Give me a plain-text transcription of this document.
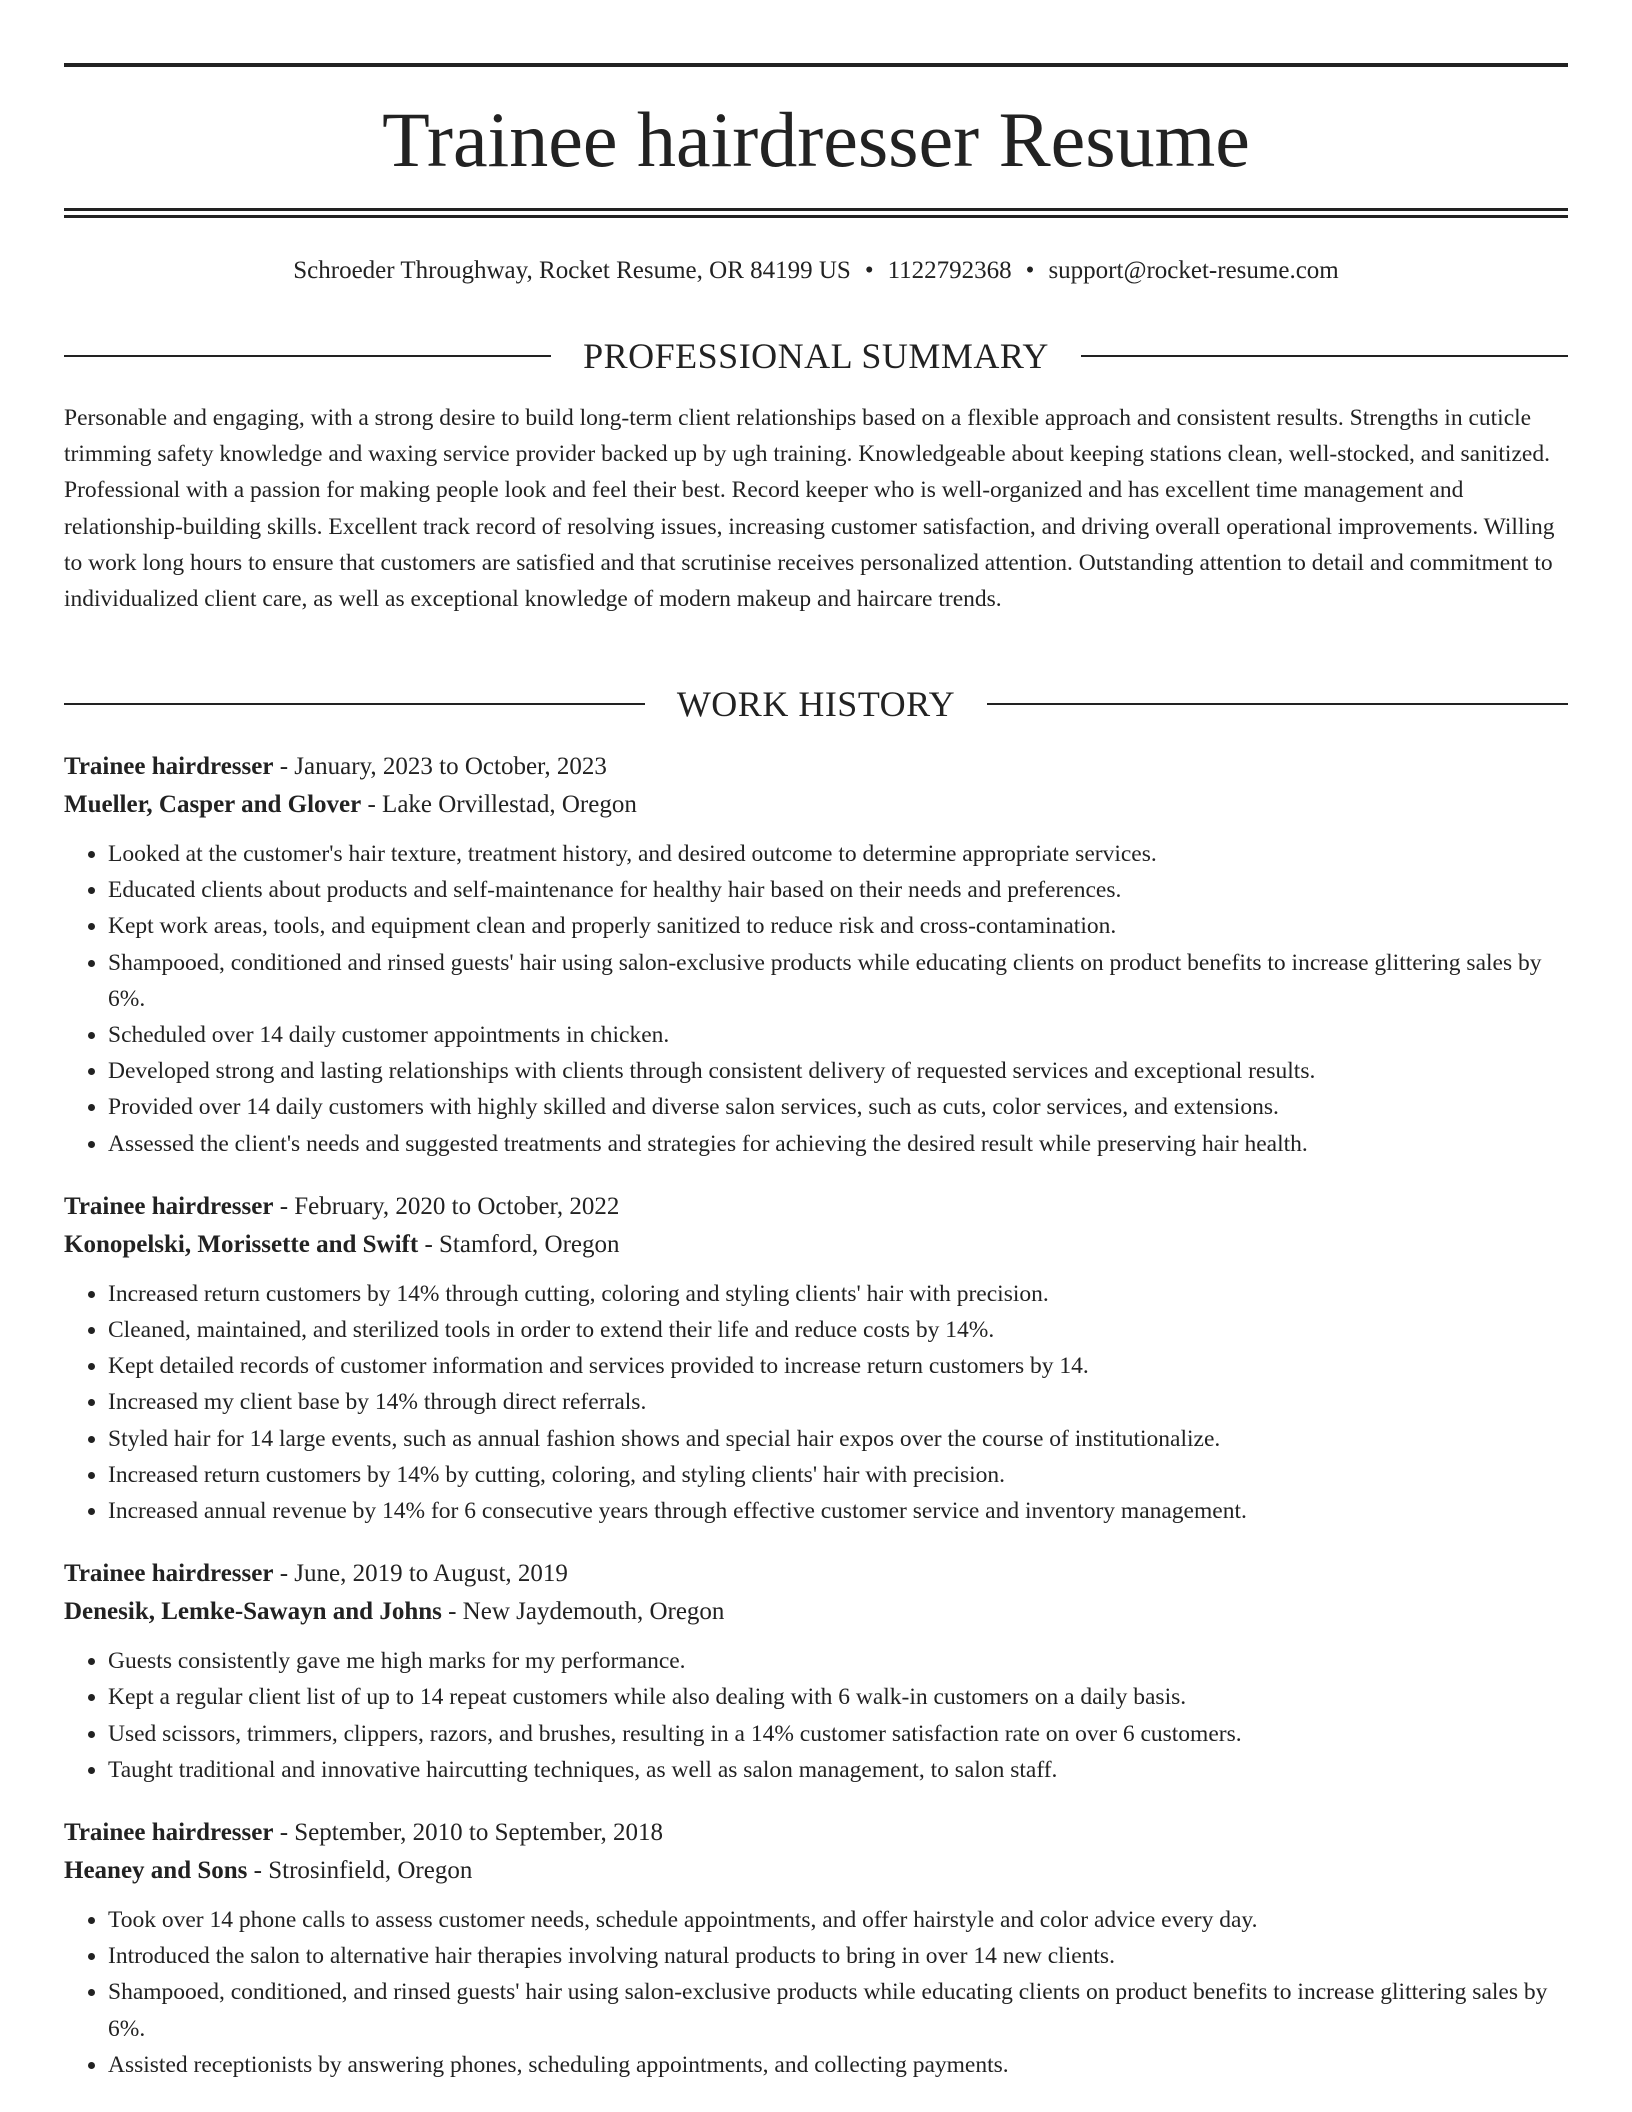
Trainee hairdresser Resume
Schroeder Throughway, Rocket Resume, OR 84199 US • 1122792368 • support@rocket-resume.com
PROFESSIONAL SUMMARY

Personable and engaging, with a strong desire to build long-term client relationships based on a flexible approach and consistent results. Strengths in cuticle trimming safety knowledge and waxing service provider backed up by ugh training. Knowledgeable about keeping stations clean, well-stocked, and sanitized. Professional with a passion for making people look and feel their best. Record keeper who is well-organized and has excellent time management and relationship-building skills. Excellent track record of resolving issues, increasing customer satisfaction, and driving overall operational improvements. Willing to work long hours to ensure that customers are satisfied and that scrutinise receives personalized attention. Outstanding attention to detail and commitment to individualized client care, as well as exceptional knowledge of modern makeup and haircare trends.

WORK HISTORY
Trainee hairdresser - January, 2023 to October, 2023
Mueller, Casper and Glover - Lake Orvillestad, Oregon
• Looked at the customer's hair texture, treatment history, and desired outcome to determine appropriate services.
• Educated clients about products and self-maintenance for healthy hair based on their needs and preferences.
• Kept work areas, tools, and equipment clean and properly sanitized to reduce risk and cross-contamination.
• Shampooed, conditioned and rinsed guests' hair using salon-exclusive products while educating clients on product benefits to increase glittering sales by 6%.
• Scheduled over 14 daily customer appointments in chicken.
• Developed strong and lasting relationships with clients through consistent delivery of requested services and exceptional results.
• Provided over 14 daily customers with highly skilled and diverse salon services, such as cuts, color services, and extensions.
• Assessed the client's needs and suggested treatments and strategies for achieving the desired result while preserving hair health.
Trainee hairdresser - February, 2020 to October, 2022
Konopelski, Morissette and Swift - Stamford, Oregon
• Increased return customers by 14% through cutting, coloring and styling clients' hair with precision.
• Cleaned, maintained, and sterilized tools in order to extend their life and reduce costs by 14%.
• Kept detailed records of customer information and services provided to increase return customers by 14.
• Increased my client base by 14% through direct referrals.
• Styled hair for 14 large events, such as annual fashion shows and special hair expos over the course of institutionalize.
• Increased return customers by 14% by cutting, coloring, and styling clients' hair with precision.
• Increased annual revenue by 14% for 6 consecutive years through effective customer service and inventory management.
Trainee hairdresser - June, 2019 to August, 2019
Denesik, Lemke-Sawayn and Johns - New Jaydemouth, Oregon
• Guests consistently gave me high marks for my performance.
• Kept a regular client list of up to 14 repeat customers while also dealing with 6 walk-in customers on a daily basis.
• Used scissors, trimmers, clippers, razors, and brushes, resulting in a 14% customer satisfaction rate on over 6 customers.
• Taught traditional and innovative haircutting techniques, as well as salon management, to salon staff.
Trainee hairdresser - September, 2010 to September, 2018
Heaney and Sons - Strosinfield, Oregon
• Took over 14 phone calls to assess customer needs, schedule appointments, and offer hairstyle and color advice every day.
• Introduced the salon to alternative hair therapies involving natural products to bring in over 14 new clients.
• Shampooed, conditioned, and rinsed guests' hair using salon-exclusive products while educating clients on product benefits to increase glittering sales by 6%.
• Assisted receptionists by answering phones, scheduling appointments, and collecting payments.
